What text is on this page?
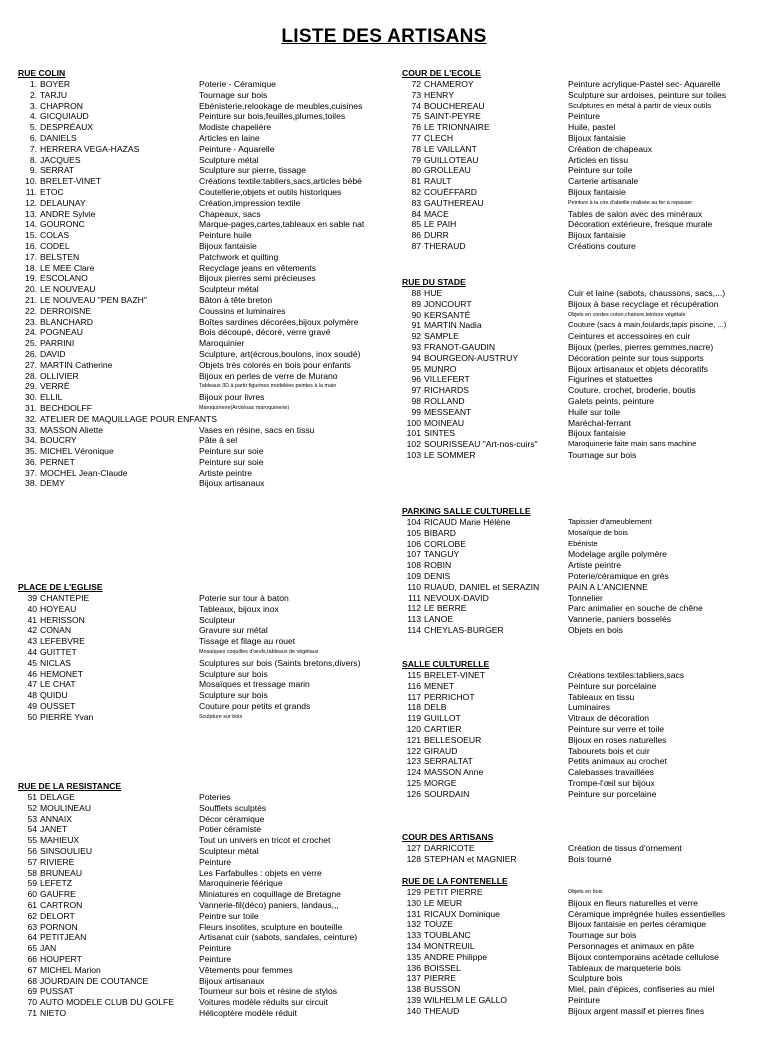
LISTE DES ARTISANS
RUE COLIN
1. BOYER	Poterie - Céramique
2. TARJU	Tournage sur bois
3. CHAPRON	Ebénisterie,relookage de meubles,cuisines
4. GICQUIAUD	Peinture sur bois,feuilles,plumes,toiles
5. DESPRÉAUX	Modiste chapelière
6. DANIELS	Articles en laine
7. HERRERA VEGA-HAZAS	Peinture - Aquarelle
8. JACQUES	Sculpture métal
9. SERRAT	Sculpture sur pierre, tissage
10. BRELET-VINET	Créations textile:tabliers,sacs,articles bébé
11. ETOC	Coutellerie,objets et outils historiques
12. DELAUNAY	Création,impression textile
13. ANDRE Sylvie	Chapeaux, sacs
14. GOURONC	Marque-pages,cartes,tableaux en sable nat
15. COLAS	Peinture huile
16. CODEL	Bijoux fantaisie
17. BELSTEN	Patchwork et quilting
18. LE MEE Clare	Recyclage jeans en vêtements
19. ESCOLANO	Bijoux pierres semi précieuses
20. LE NOUVEAU	Sculpteur métal
21. LE NOUVEAU "PEN BAZH"	Bâton à tête breton
22. DERROISNE	Coussins et luminaires
23. BLANCHARD	Boîtes sardines décorées,bijoux polymère
24. POGNEAU	Bois découpé, décoré, verre gravé
25. PARRINI	Maroquinier
26. DAVID	Sculpture, art(écrous,boulons, inox soudé)
27. MARTIN Catherine	Objets très colorés en bois pour enfants
28. OLLIVIER	Bijoux en perles de verre de Murano
29. VERRÉ	Tableaux 3D à partir figurines modelées peintes à la main
30. ELLIL	Bijoux pour livres
31. BECHDOLFF	Maroquinerie(Arckésac maroquinerie)
32. ATELIER DE MAQUILLAGE POUR ENFANTS
33. MASSON Aliette	Vases en résine, sacs en tissu
34. BOUCRY	Pâte à sel
35. MICHEL Véronique	Peinture sur soie
36. PERNET	Peinture sur soie
37. MOCHEL Jean-Claude	Artiste peintre
38. DEMY	Bijoux artisanaux
PLACE DE L'EGLISE
39 CHANTEPIE	Poterie sur tour à baton
40 HOYEAU	Tableaux, bijoux inox
41 HERISSON	Sculpteur
42 CONAN	Gravure sur métal
43 LEFEBVRE	Tissage et filage au rouet
44 GUITTET	Mosaïques coquilles d'œufs,tableaux de végétaux
45 NICLAS	Sculptures sur bois (Saints bretons,divers)
46 HEMONET	Sculpture sur bois
47 LE CHAT	Mosaïques et tressage marin
48 QUIDU	Sculpture sur bois
49 OUSSET	Couture pour petits et grands
50 PIERRE Yvan	Sculpture sur bois
RUE DE LA RESISTANCE
51 DELAGE	Poteries
52 MOULINEAU	Soufflets sculptés
53 ANNAIX	Décor céramique
54 JANET	Potier céramiste
55 MAHIEUX	Tout un univers en tricot et crochet
56 SINSOULIEU	Sculpteur métal
57 RIVIERE	Peinture
58 BRUNEAU	Les Farfabulles : objets en verre
59 LEFETZ	Maroquinerie féérique
60 GAUFRE	Miniatures en coquillage de Bretagne
61 CARTRON	Vannerie-fil(déco) paniers, landaus,,,
62 DELORT	Peintre sur toile
63 PORNON	Fleurs insolites, sculpture en bouteille
64 PETITJEAN	Artisanat cuir (sabots, sandales, ceinture)
65 JAN	Peinture
66 HOUPERT	Peinture
67 MICHEL Marion	Vêtements pour femmes
68 JOURDAIN DE COUTANCE	Bijoux artisanaux
69 PUSSAT	Tourneur sur bois et résine de stylos
70 AUTO MODELE CLUB DU GOLFE	Voitures modèle réduits sur circuit
71 NIETO	Hélicoptère modèle réduit
COUR DE L'ECOLE
72 CHAMEROY	Peinture acrylique-Pastel sec- Aquarelle
73 HENRY	Sculpture sur ardoises, peinture sur toiles
74 BOUCHEREAU	Sculptures en métal à partir de vieux outils
75 SAINT-PEYRE	Peinture
76 LE TRIONNAIRE	Huile, pastel
77 CLECH	Bijoux fantaisie
78 LE VAILLANT	Création de chapeaux
79 GUILLOTEAU	Articles en tissu
80 GROLLEAU	Peinture sur toile
81 RAULT	Carterie artisanale
82 COUËFFARD	Bijoux fantaisie
83 GAUTHEREAU	Peinture à la cire d'abeille réalisée au fer à repasser
84 MACE	Tables de salon avec des minéraux
85 LE PAIH	Décoration extérieure, fresque murale
86 DURR	Bijoux fantaisie
87 THERAUD	Créations couture
RUE DU STADE
88 HUE	Cuir et laine (sabots, chaussons, sacs,...)
89 JONCOURT	Bijoux à base recyclage et récupération
90 KERSANTÉ	Objets en cordes coton,chanvre,teinture végétale
91 MARTIN Nadia	Couture (sacs à main,foulards,tapis piscine, ...)
92 SAMPLE	Ceintures et accessoires en cuir
93 FRANOT-GAUDIN	Bijoux (perles, pierres gemmes,nacre)
94 BOURGEON-AUSTRUY	Décoration peinte sur tous supports
95 MUNRO	Bijoux artisanaux et objets décoratifs
96 VILLEFERT	Figurines et statuettes
97 RICHARDS	Couture, crochet, broderie, boutis
98 ROLLAND	Galets peints, peinture
99 MESSEANT	Huile sur toile
100 MOINEAU	Maréchal-ferrant
101 SINTES	Bijoux fantaisie
102 SOURISSEAU "Art-nos-cuirs"	Maroquinerie faite main sans machine
103 LE SOMMER	Tournage sur bois
PARKING SALLE CULTURELLE
104 RICAUD Marie Hélène	Tapissier d'ameublement
105 BIBARD	Mosaïque de bois
106 CORLOBE	Ebéniste
107 TANGUY	Modelage argile polymère
108 ROBIN	Artiste peintre
109 DENIS	Poterie/céramique en grès
110 RUAUD, DANIEL et SERAZIN	PAIN A L'ANCIENNE
111 NEVOUX-DAVID	Tonnelier
112 LE BERRE	Parc animalier en souche de chêne
113 LANOE	Vannerie, paniers bosselés
114 CHEYLAS-BURGER	Objets en bois
SALLE CULTURELLE
115 BRELET-VINET	Créations textiles:tabliers,sacs
116 MENET	Peinture sur porcelaine
117 PERRICHOT	Tableaux en tissu
118 DELB	Luminaires
119 GUILLOT	Vitraux de décoration
120 CARTIER	Peinture sur verre et toile
121 BELLESOEUR	Bijoux en roses naturelles
122 GIRAUD	Tabourets bois et cuir
123 SERRALTAT	Petits animaux au crochet
124 MASSON Anne	Calebasses travaillées
125 MORGE	Trompe-l'œil sur bijoux
126 SOURDAIN	Peinture sur porcelaine
COUR DES ARTISANS
127 DARRICOTE	Création de tissus d'ornement
128 STEPHAN et MAGNIER	Bois tourné
RUE DE LA FONTENELLE
129 PETIT PIERRE	Objets en bois
130 LE MEUR	Bijoux en fleurs naturelles et verre
131 RICAUX Dominique	Céramique imprégnée huiles essentielles
132 TOUZE	Bijoux fantaisie en perles céramique
133 TOUBLANC	Tournage sur bois
134 MONTREUIL	Personnages et animaux en pâte
135 ANDRE Philippe	Bijoux contemporains acétade cellulose
136 BOISSEL	Tableaux de marqueterie bois
137 PIERRE	Sculpture bois
138 BUSSON	Miel, pain d'épices, confiseries au miel
139 WILHELM LE GALLO	Peinture
140 THEAUD	Bijoux argent massif et pierres fines
